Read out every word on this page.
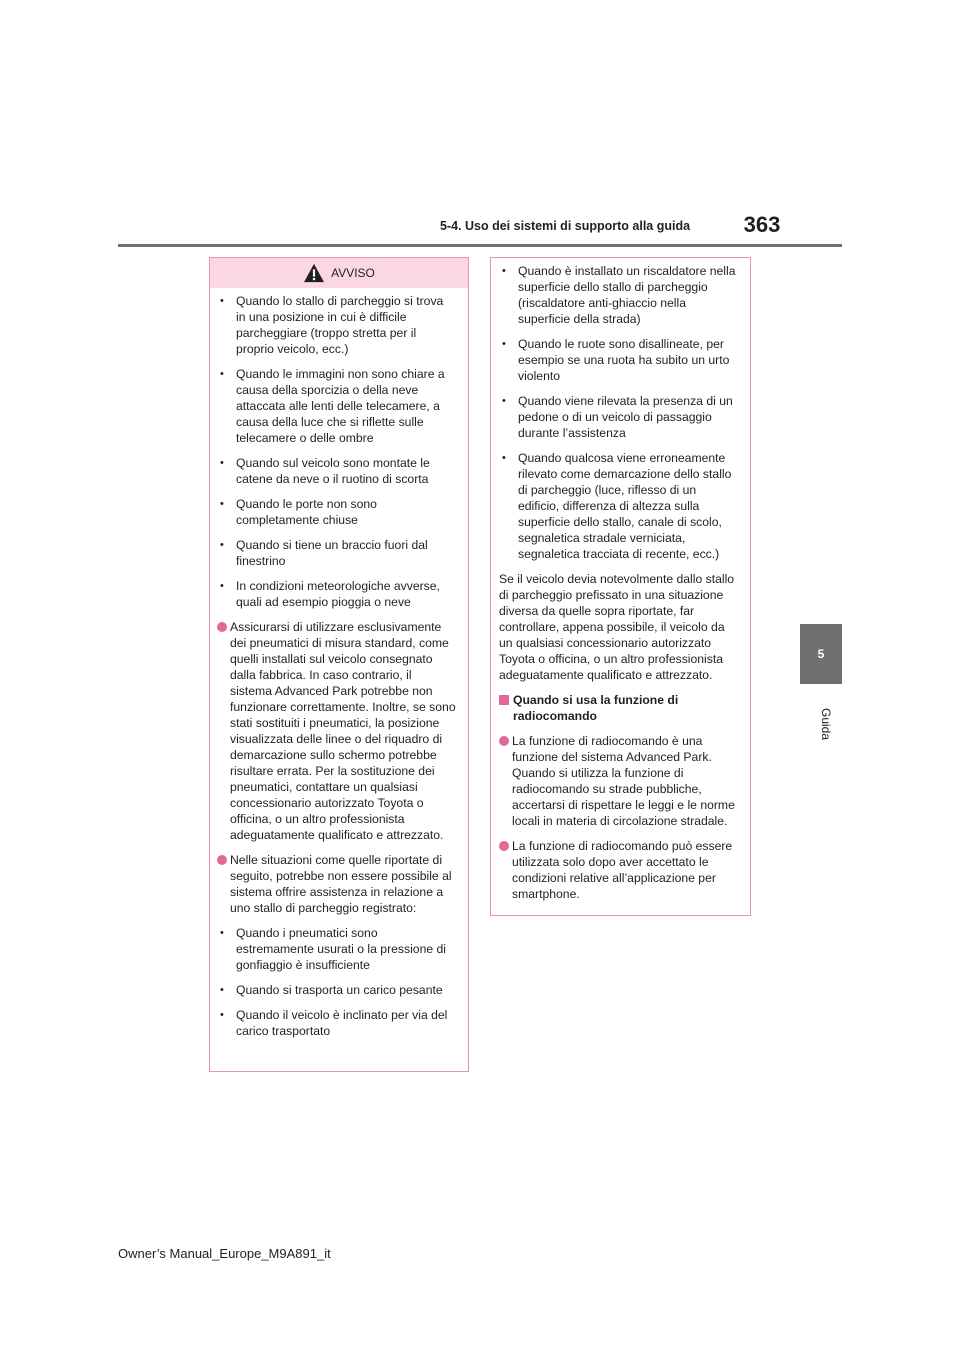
5-4. Uso dei sistemi di supporto alla guida	363
5
Guida
AVVISO
• Quando lo stallo di parcheggio si trova in una posizione in cui è difficile parcheggiare (troppo stretta per il proprio veicolo, ecc.)
• Quando le immagini non sono chiare a causa della sporcizia o della neve attaccata alle lenti delle telecamere, a causa della luce che si riflette sulle telecamere o delle ombre
• Quando sul veicolo sono montate le catene da neve o il ruotino di scorta
• Quando le porte non sono completamente chiuse
• Quando si tiene un braccio fuori dal finestrino
• In condizioni meteorologiche avverse, quali ad esempio pioggia o neve
Assicurarsi di utilizzare esclusivamente dei pneumatici di misura standard, come quelli installati sul veicolo consegnato dalla fabbrica. In caso contrario, il sistema Advanced Park potrebbe non funzionare correttamente. Inoltre, se sono stati sostituiti i pneumatici, la posizione visualizzata delle linee o del riquadro di demarcazione sullo schermo potrebbe risultare errata. Per la sostituzione dei pneumatici, contattare un qualsiasi concessionario autorizzato Toyota o officina, o un altro professionista adeguatamente qualificato e attrezzato.
Nelle situazioni come quelle riportate di seguito, potrebbe non essere possibile al sistema offrire assistenza in relazione a uno stallo di parcheggio registrato:
• Quando i pneumatici sono estremamente usurati o la pressione di gonfiaggio è insufficiente
• Quando si trasporta un carico pesante
• Quando il veicolo è inclinato per via del carico trasportato
• Quando è installato un riscaldatore nella superficie dello stallo di parcheggio (riscaldatore anti-ghiaccio nella superficie della strada)
• Quando le ruote sono disallineate, per esempio se una ruota ha subito un urto violento
• Quando viene rilevata la presenza di un pedone o di un veicolo di passaggio durante l’assistenza
• Quando qualcosa viene erroneamente rilevato come demarcazione dello stallo di parcheggio (luce, riflesso di un edificio, differenza di altezza sulla superficie dello stallo, canale di scolo, segnaletica stradale verniciata, segnaletica tracciata di recente, ecc.)
Se il veicolo devia notevolmente dallo stallo di parcheggio prefissato in una situazione diversa da quelle sopra riportate, far controllare, appena possibile, il veicolo da un qualsiasi concessionario autorizzato Toyota o officina, o un altro professionista adeguatamente qualificato e attrezzato.
Quando si usa la funzione di radiocomando
La funzione di radiocomando è una funzione del sistema Advanced Park. Quando si utilizza la funzione di radiocomando su strade pubbliche, accertarsi di rispettare le leggi e le norme locali in materia di circolazione stradale.
La funzione di radiocomando può essere utilizzata solo dopo aver accettato le condizioni relative all’applicazione per smartphone.
Owner’s Manual_Europe_M9A891_it
